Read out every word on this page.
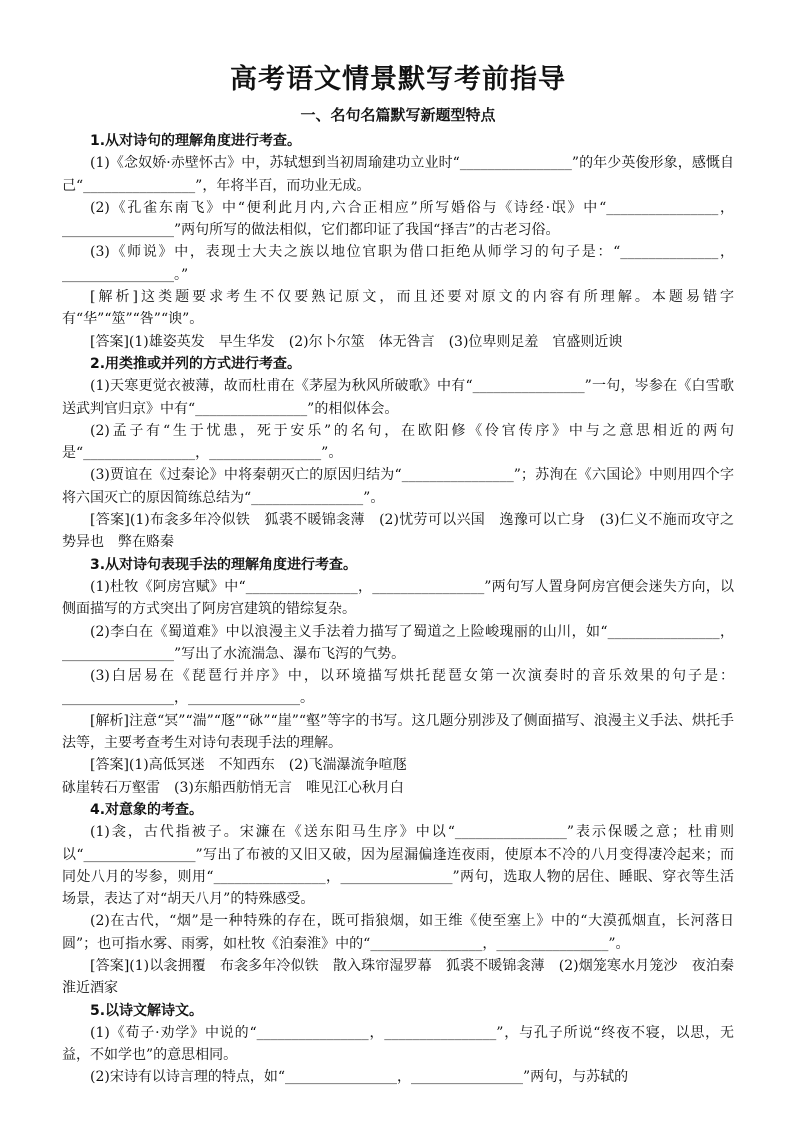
高考语文情景默写考前指导
一、名句名篇默写新题型特点

1.从对诗句的理解角度进行考查。

(1)《念奴娇·赤壁怀古》中，苏轼想到当初周瑜建功立业时“________________”的年少英俊形象，感慨自己“________________”，年将半百，而功业无成。

(2)《孔雀东南飞》中“便利此月内,六合正相应”所写婚俗与《诗经·氓》中“________________，________________”两句所写的做法相似，它们都印证了我国“择吉”的古老习俗。

(3)《师说》中，表现士大夫之族以地位官职为借口拒绝从师学习的句子是：“______________，________________。”

[解析]这类题要求考生不仅要熟记原文，而且还要对原文的内容有所理解。本题易错字有“华”“筮”“咎”“谀”。

[答案](1)雄姿英发　早生华发　(2)尔卜尔筮　体无咎言　(3)位卑则足羞　官盛则近谀

2.用类推或并列的方式进行考查。

(1)天寒更觉衣被薄，故而杜甫在《茅屋为秋风所破歌》中有“________________”一句，岑参在《白雪歌送武判官归京》中有“________________”的相似体会。

(2)孟子有“生于忧患，死于安乐”的名句，在欧阳修《伶官传序》中与之意思相近的两句是“________________，________________”。

(3)贾谊在《过秦论》中将秦朝灭亡的原因归结为“________________”；苏洵在《六国论》中则用四个字将六国灭亡的原因简练总结为“________________”。

[答案](1)布衾多年冷似铁　狐裘不暖锦衾薄　(2)忧劳可以兴国　逸豫可以亡身　(3)仁义不施而攻守之势异也　弊在赂秦

3.从对诗句表现手法的理解角度进行考查。

(1)杜牧《阿房宫赋》中“________________，________________”两句写人置身阿房宫便会迷失方向，以侧面描写的方式突出了阿房宫建筑的错综复杂。

(2)李白在《蜀道难》中以浪漫主义手法着力描写了蜀道之上险峻瑰丽的山川，如“________________，________________”写出了水流湍急、瀑布飞泻的气势。

(3)白居易在《琵琶行并序》中，以环境描写烘托琵琶女第一次演奏时的音乐效果的句子是：________________，________________。

[解析]注意“冥”“湍”“豗”“砯”“崖”“壑”等字的书写。这几题分别涉及了侧面描写、浪漫主义手法、烘托手法等，主要考查考生对诗句表现手法的理解。

[答案](1)高低冥迷　不知西东　(2)飞湍瀑流争喧豗
砯崖转石万壑雷　(3)东船西舫悄无言　唯见江心秋月白

4.对意象的考查。

(1)衾，古代指被子。宋濂在《送东阳马生序》中以“________________”表示保暖之意；杜甫则以“________________”写出了布被的又旧又破，因为屋漏偏逢连夜雨，使原本不冷的八月变得凄冷起来；而同处八月的岑参，则用“________________，________________”两句，选取人物的居住、睡眠、穿衣等生活场景，表达了对“胡天八月”的特殊感受。

(2)在古代，“烟”是一种特殊的存在，既可指狼烟，如王维《使至塞上》中的“大漠孤烟直，长河落日圆”；也可指水雾、雨雾，如杜牧《泊秦淮》中的“________________，________________”。

[答案](1)以衾拥覆　布衾多年冷似铁　散入珠帘湿罗幕　狐裘不暖锦衾薄　(2)烟笼寒水月笼沙　夜泊秦淮近酒家

5.以诗文解诗文。

(1)《荀子·劝学》中说的“________________，________________”，与孔子所说“终夜不寝，以思，无益，不如学也”的意思相同。

(2)宋诗有以诗言理的特点，如“________________，________________”两句，与苏轼的
